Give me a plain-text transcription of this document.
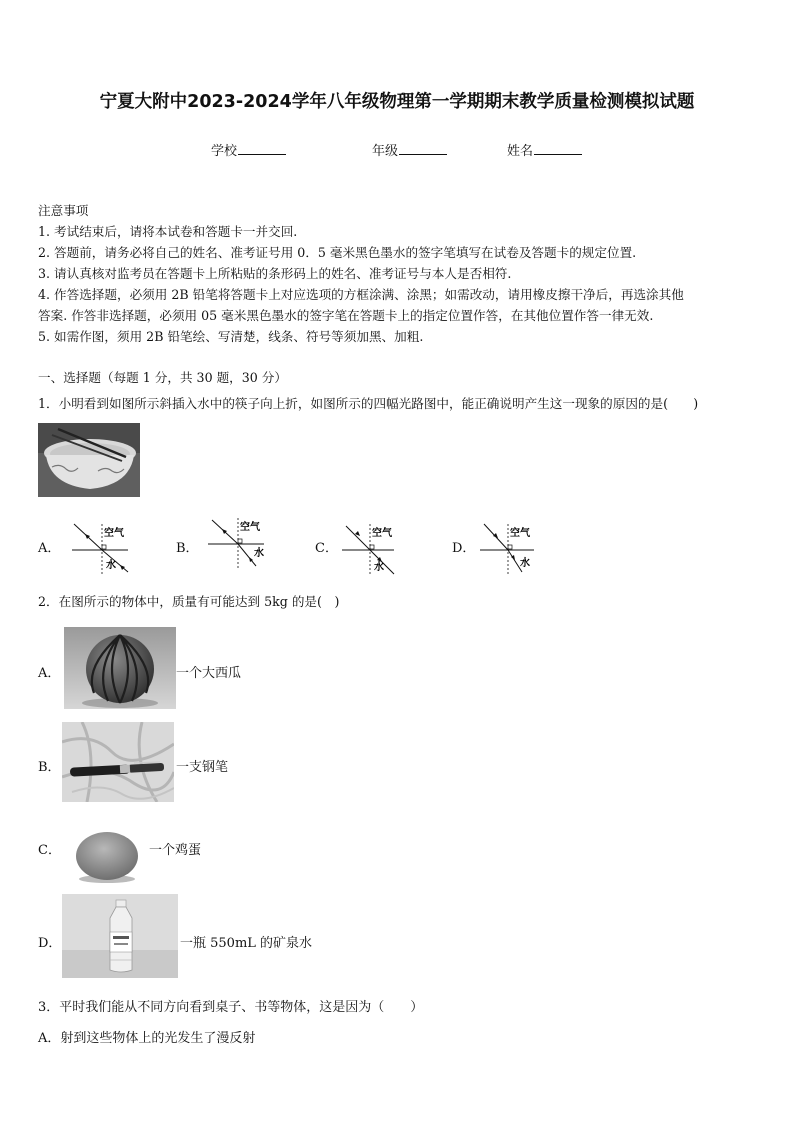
宁夏大附中2023-2024学年八年级物理第一学期期末教学质量检测模拟试题
学校	年级	姓名
注意事项
1. 考试结束后，请将本试卷和答题卡一并交回.
2. 答题前，请务必将自己的姓名、准考证号用 0．5 毫米黑色墨水的签字笔填写在试卷及答题卡的规定位置.
3. 请认真核对监考员在答题卡上所粘贴的条形码上的姓名、准考证号与本人是否相符.
4. 作答选择题，必须用 2B 铅笔将答题卡上对应选项的方框涂满、涂黑；如需改动，请用橡皮擦干净后，再选涂其他
答案. 作答非选择题，必须用 05 毫米黑色墨水的签字笔在答题卡上的指定位置作答，在其他位置作答一律无效.
5. 如需作图，须用 2B 铅笔绘、写清楚，线条、符号等须加黑、加粗.
一、选择题（每题 1 分，共 30 题，30 分）
1．小明看到如图所示斜插入水中的筷子向上折，如图所示的四幅光路图中，能正确说明产生这一现象的原因的是(　　)
A．
空气
水
B．
空气
水	C．
空气
水
D．
空气
水
2．在图所示的物体中，质量有可能达到 5kg 的是(　)
A．	一个大西瓜
B．	一支钢笔
C．	一个鸡蛋
D．	一瓶 550mL 的矿泉水
3．平时我们能从不同方向看到桌子、书等物体，这是因为（　　）
A．射到这些物体上的光发生了漫反射
